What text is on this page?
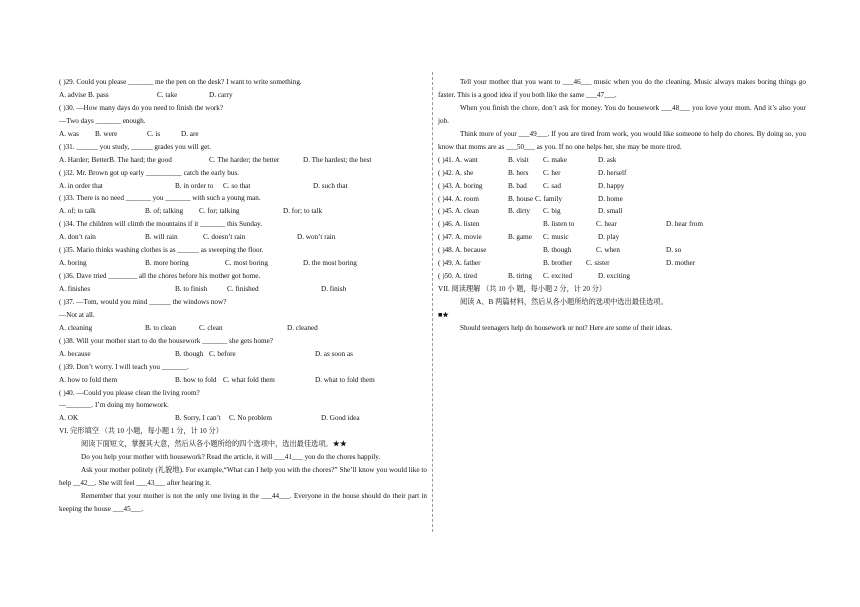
( )29. Could you please _______ me the pen on the desk? I want to write something.
A. advise B. pass	C. take	D. carry
( )30. —How many days do you need to finish the work?
—Two days _______ enough.
A. was B. were	C. is	D. are
( )31. ______ you study, ______ grades you will get.
A. Harder; BetterB. The hard; the good	C. The harder; the better	D. The hardest; the best
( )32. Mr. Brown got up early __________ catch the early bus.
A. in order that	B. in order to C. so that	D. such that
( )33. There is no need _______ you _______ with such a young man.
A. of; to talk	B. of; talking C. for; talking	D. for; to talk
( )34. The children will climb the mountains if it _______ this Sunday.
A. don’t rain	B. will rain	C. doesn’t rain	D. won’t rain
( )35. Mario thinks washing clothes is as ______ as sweeping the floor.
A. boring	B. more boring	C. most boring	D. the most boring
( )36. Dave tried ________ all the chores before his mother got home.
A. finishes	B. to finish	C. finished	D. finish
( )37. —Tom, would you mind ______ the windows now?
—Not at all.
A. cleaning	B. to clean	C. clean	D. cleaned
( )38. Will your mother start to do the housework _______ she gets home?
A. because	B. though C. before	D. as soon as
( )39. Don’t worry. I will teach you _______.
A. how to fold them	B. how to fold C. what fold them	D. what to fold them
( )40. —Could you please clean the living room?
—_______. I’m doing my homework.
A. OK	B. Sorry, I can’t C. No problem	D. Good idea
VI. 完形填空 （共 10 小题，每小题 1 分，计 10 分）
阅读下面短文，掌握其大意，然后从各小题所给的四个选项中，选出最佳选项。★★
Do you help your mother with housework? Read the article, it will ___41___ you do the chores happily.
Ask your mother politely (礼貌地). For example,“What can I help you with the chores?” She’ll know you would like to help __42__. She will feel ___43___ after hearing it.
Remember that your mother is not the only one living in the ___44___. Everyone in the house should do their part in keeping the house ___45___.
Tell your mother that you want to ___46___ music when you do the cleaning. Music always makes boring things go faster. This is a good idea if you both like the same ___47___.
When you finish the chore, don’t ask for money. You do housework ___48___ you love your mom. And it’s also your job.
Think more of your ___49___. If you are tired from work, you would like someone to help do chores. By doing so, you know that moms are as ___50___ as you. If no one helps her, she may be more tired.
( )41. A. want	B. visit C. make	D. ask
( )42. A. she	B. hers C. her	D. herself
( )43. A. boring	B. bad C. sad	D. happy
( )44. A. room	B. house C. family	D. home
( )45. A. clean	B. dirty C. big	D. small
( )46. A. listen	B. listen to	C. hear	D. hear from
( )47. A. movie	B. game C. music	D. play
( )48. A. because	B. though	C. when	D. so
( )49. A. father	B. brother C. sister	D. mother
( )50. A. tired	B. tiring C. excited	D. exciting
VII. 阅读理解 （共 10 小 题，每小题 2 分，计 20 分）
阅读 A、B 两篇材料，然后从各小题所给的选项中选出最佳选项。
■★
Should teenagers help do housework or not? Here are some of their ideas.
